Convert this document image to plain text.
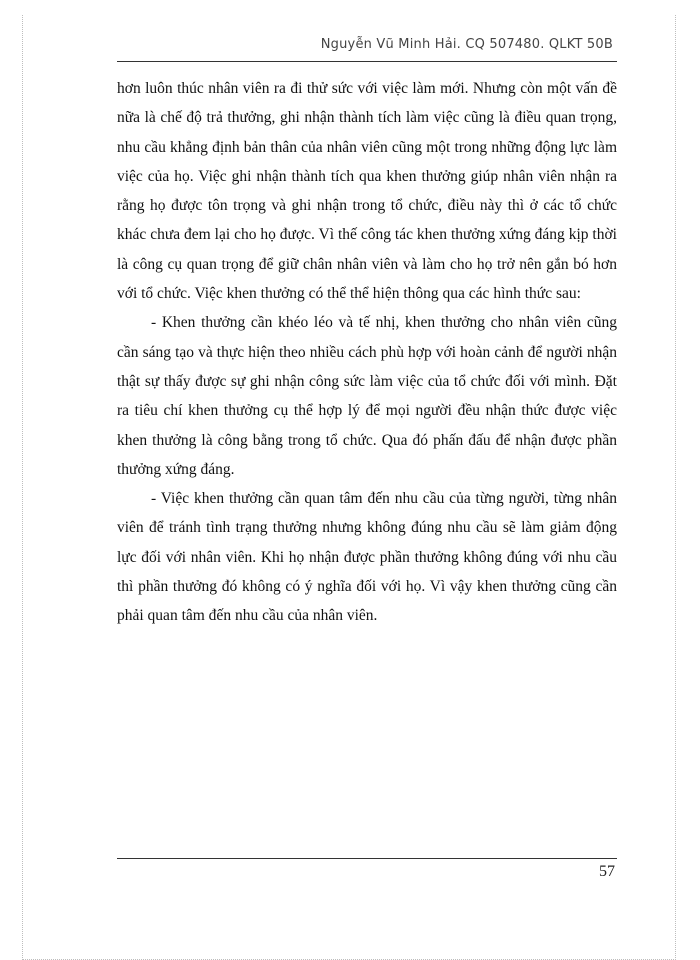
Nguyễn Vũ Minh Hải. CQ 507480. QLKT 50B

hơn luôn thúc nhân viên ra đi thử sức với việc làm mới. Nhưng còn một vấn đề nữa là chế độ trả thưởng, ghi nhận thành tích làm việc cũng là điều quan trọng, nhu cầu khẳng định bản thân của nhân viên cũng một trong những động lực làm việc của họ. Việc ghi nhận thành tích qua khen thưởng giúp nhân viên nhận ra rằng họ được tôn trọng và ghi nhận trong tổ chức, điều này thì ở các tổ chức khác chưa đem lại cho họ được. Vì thế công tác khen thưởng xứng đáng kịp thời là công cụ quan trọng để giữ chân nhân viên và làm cho họ trở nên gắn bó hơn với tổ chức. Việc khen thưởng có thể thể hiện thông qua các hình thức sau:

- Khen thưởng cần khéo léo và tế nhị, khen thưởng cho nhân viên cũng cần sáng tạo và thực hiện theo nhiều cách phù hợp với hoàn cảnh để người nhận thật sự thấy được sự ghi nhận công sức làm việc của tổ chức đối với mình. Đặt ra tiêu chí khen thưởng cụ thể hợp lý để mọi người đều nhận thức được việc khen thưởng là công bằng trong tổ chức. Qua đó phấn đấu để nhận được phần thưởng xứng đáng.

- Việc khen thưởng cần quan tâm đến nhu cầu của từng người, từng nhân viên để tránh tình trạng thưởng nhưng không đúng nhu cầu sẽ làm giảm động lực đối với nhân viên. Khi họ nhận được phần thưởng không đúng với nhu cầu thì phần thưởng đó không có ý nghĩa đối với họ. Vì vậy khen thưởng cũng cần phải quan tâm đến nhu cầu của nhân viên.

57
